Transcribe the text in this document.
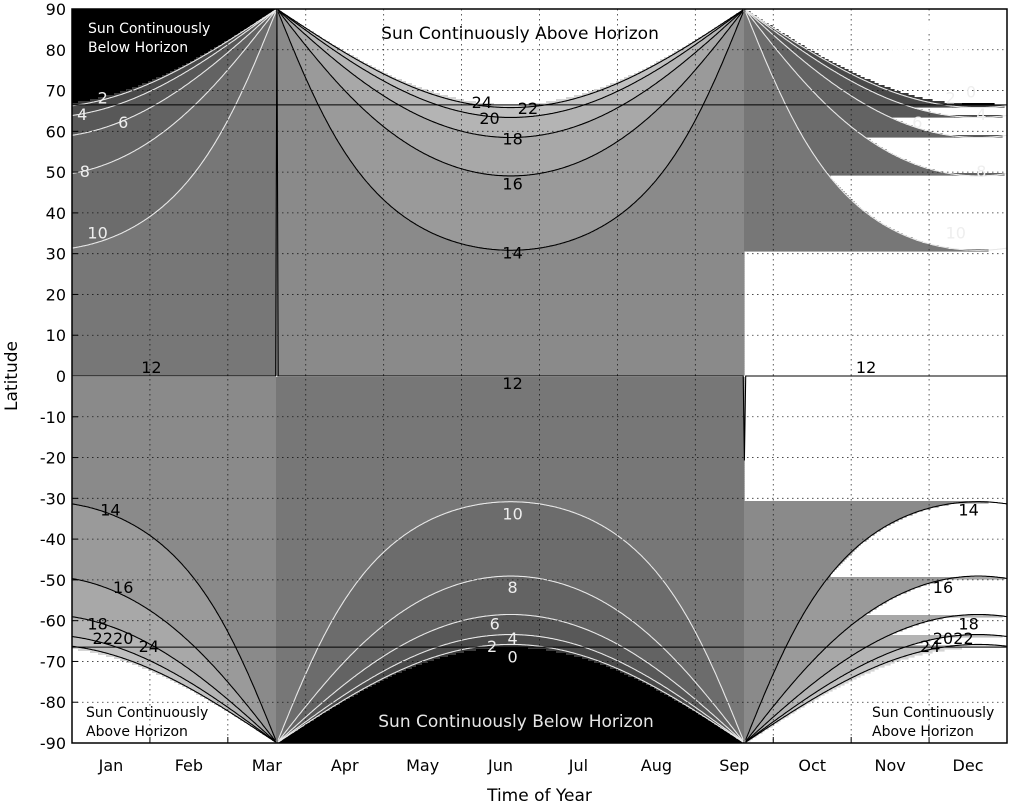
12	12
12
14	14
14
16	16
16
18	18
18
20	20
20
22	22
22
24	24
24
10	10
10
8	8
8
6	6
6
4	4
4
2	2
2
0
0
Sun Continuously Above Horizon
Sun Continuously Below Horizon
Sun Continuously
Below Horizon
Sun Continuously
Below Horizon
Sun Continuously
Above Horizon
Sun Continuously
Above Horizon
90
80
70
60
50
40
30
20
10
0
-10
-20
-30
-40
-50
-60
-70
-80
-90
Jan	Feb	Mar	Apr	May	Jun	Jul	Aug	Sep	Oct	Nov	Dec
Time of Year
Latitude
